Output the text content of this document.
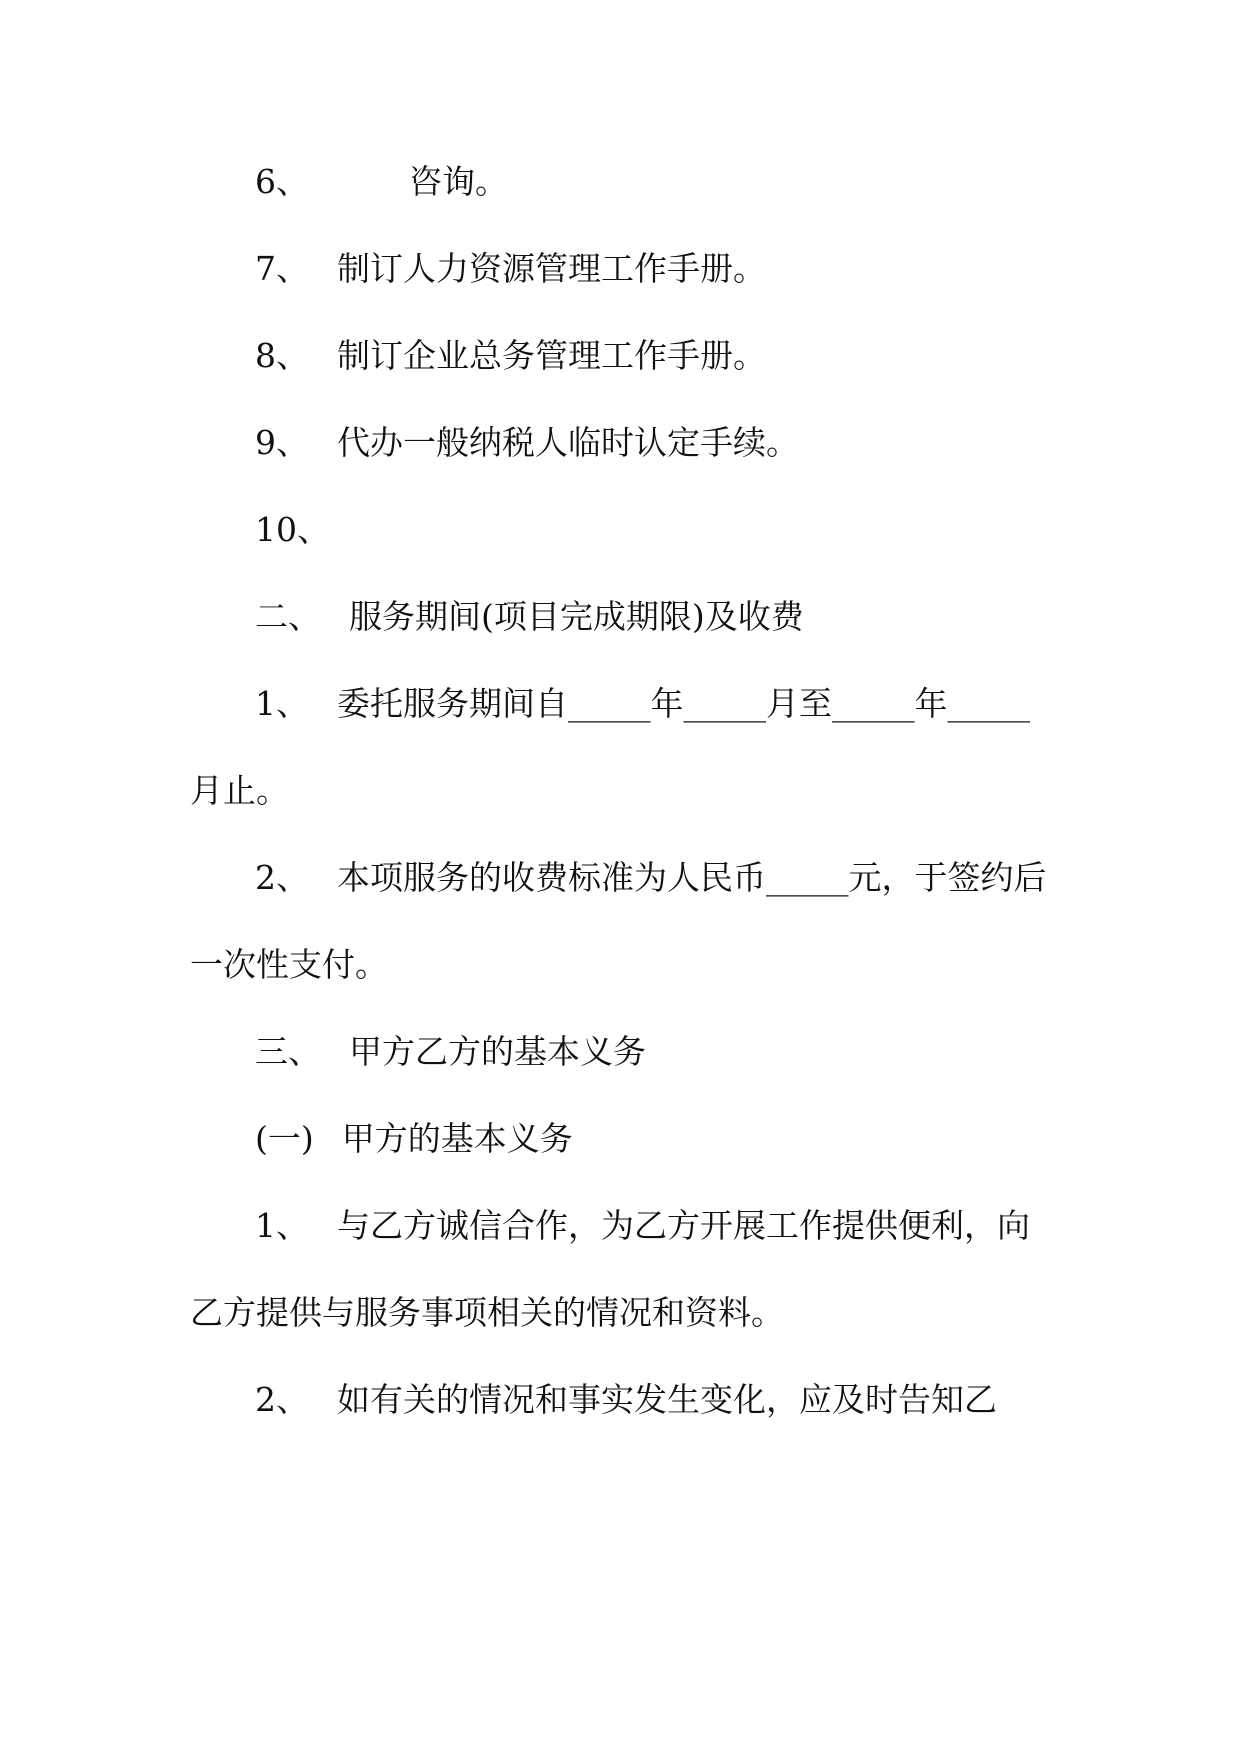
6、	咨询。
7、 制订人力资源管理工作手册。
8、 制订企业总务管理工作手册。
9、 代办一般纳税人临时认定手续。
10、
二、 服务期间(项目完成期限)及收费
1、 委托服务期间自_____年_____月至_____年_____
月止。
2、 本项服务的收费标准为人民币_____元，于签约后
一次性支付。
三、 甲方乙方的基本义务
(一) 甲方的基本义务
1、 与乙方诚信合作，为乙方开展工作提供便利，向
乙方提供与服务事项相关的情况和资料。
2、 如有关的情况和事实发生变化，应及时告知乙
